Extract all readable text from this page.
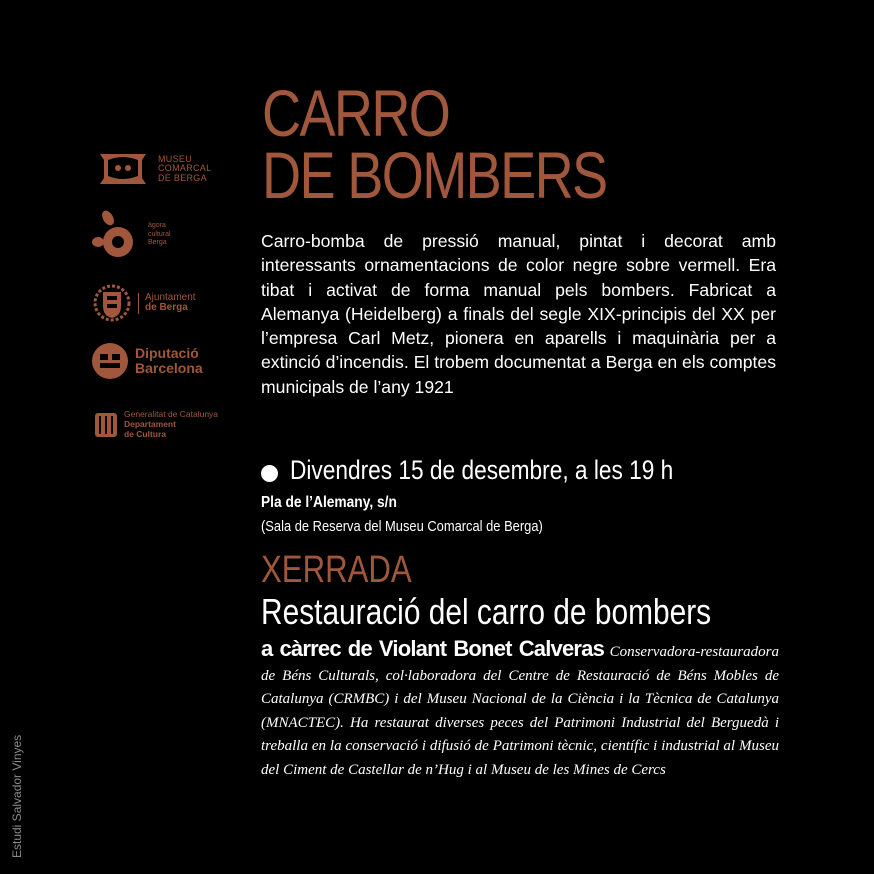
MUSEU
COMARCAL
DE BERGA
àgora
cultural
Berga
Ajuntament
de Berga
Diputació
Barcelona
Generalitat de Catalunya
Departament
de Cultura
CARRO
DE BOMBERS

Carro-bomba de pressió manual, pintat i decorat amb interessants ornamentacions de color negre sobre vermell. Era tibat i activat de forma manual pels bombers. Fabricat a Alemanya (Heidelberg) a finals del segle XIX-principis del XX per l’empresa Carl Metz, pionera en aparells i maquinària per a extinció d’incendis. El trobem documentat a Berga en els comptes municipals de l’any 1921

Divendres 15 de desembre, a les 19 h
Pla de l’Alemany, s/n
(Sala de Reserva del Museu Comarcal de Berga)
XERRADA
Restauració del carro de bombers

a càrrec de Violant Bonet Calveras Conservadora-restauradora de Béns Culturals, col·laboradora del Centre de Restauració de Béns Mobles de Catalunya (CRMBC) i del Museu Nacional de la Ciència i la Tècnica de Catalunya (MNACTEC). Ha restaurat diverses peces del Patrimoni Industrial del Berguedà i treballa en la conservació i difusió de Patrimoni tècnic, científic i industrial al Museu del Ciment de Castellar de n’Hug i al Museu de les Mines de Cercs

Estudi Salvador Vinyes
